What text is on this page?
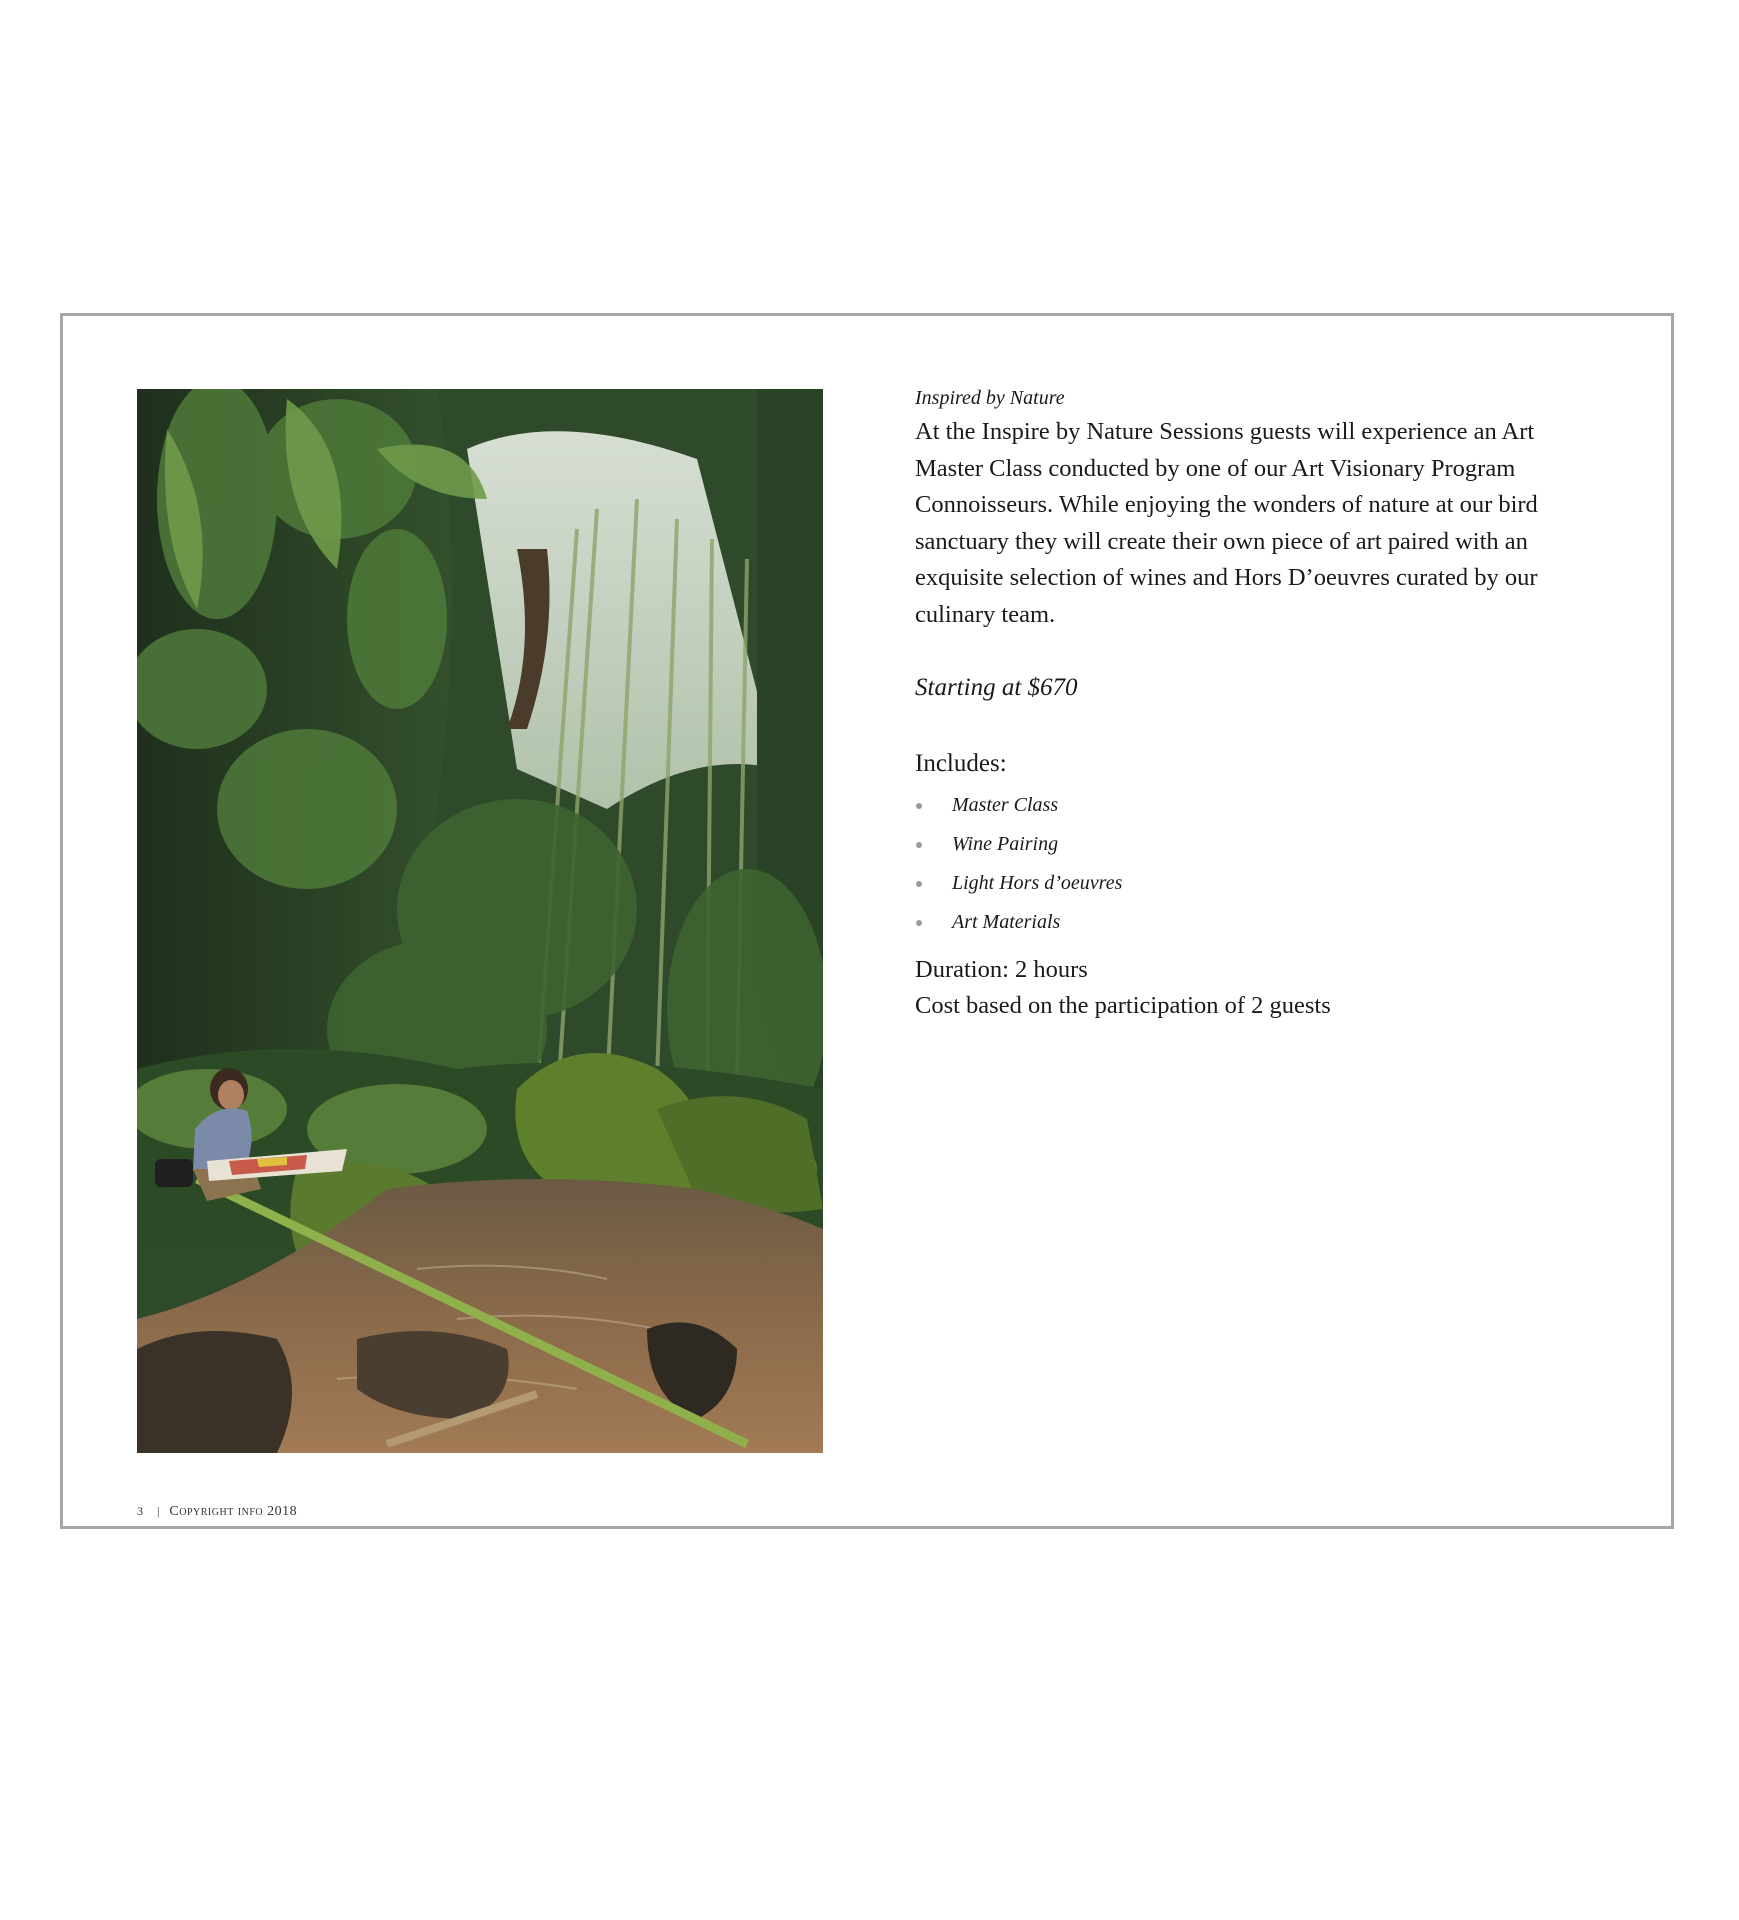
Inspired by Nature

At the Inspire by Nature Sessions guests will experience an Art
Master Class conducted by one of our Art Visionary Program
Connoisseurs. While enjoying the wonders of nature at our bird
sanctuary they will create their own piece of art paired with an
exquisite selection of wines and Hors D’oeuvres curated by our
culinary team.

Starting at $670

Includes:

Master Class
Wine Pairing
Light Hors d’oeuvres
Art Materials

Duration: 2 hours
Cost based on the participation of 2 guests

3 | Copyright info 2018
